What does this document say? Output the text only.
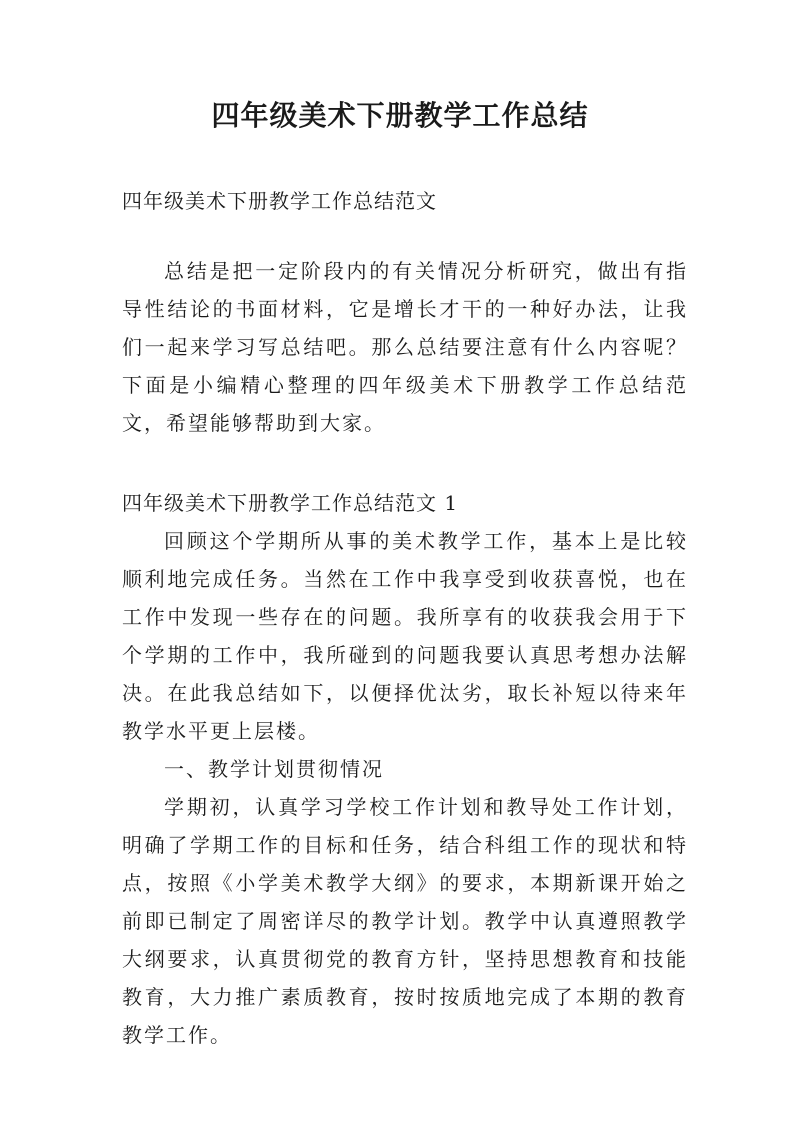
四年级美术下册教学工作总结
四年级美术下册教学工作总结范文

总结是把一定阶段内的有关情况分析研究，做出有指导性结论的书面材料，它是增长才干的一种好办法，让我们一起来学习写总结吧。那么总结要注意有什么内容呢？下面是小编精心整理的四年级美术下册教学工作总结范文，希望能够帮助到大家。

四年级美术下册教学工作总结范文 1

回顾这个学期所从事的美术教学工作，基本上是比较顺利地完成任务。当然在工作中我享受到收获喜悦，也在工作中发现一些存在的问题。我所享有的收获我会用于下个学期的工作中，我所碰到的问题我要认真思考想办法解决。在此我总结如下，以便择优汰劣，取长补短以待来年教学水平更上层楼。

一、教学计划贯彻情况

学期初，认真学习学校工作计划和教导处工作计划，明确了学期工作的目标和任务，结合科组工作的现状和特点，按照《小学美术教学大纲》的要求，本期新课开始之前即已制定了周密详尽的教学计划。教学中认真遵照教学大纲要求，认真贯彻党的教育方针，坚持思想教育和技能教育，大力推广素质教育，按时按质地完成了本期的教育教学工作。
